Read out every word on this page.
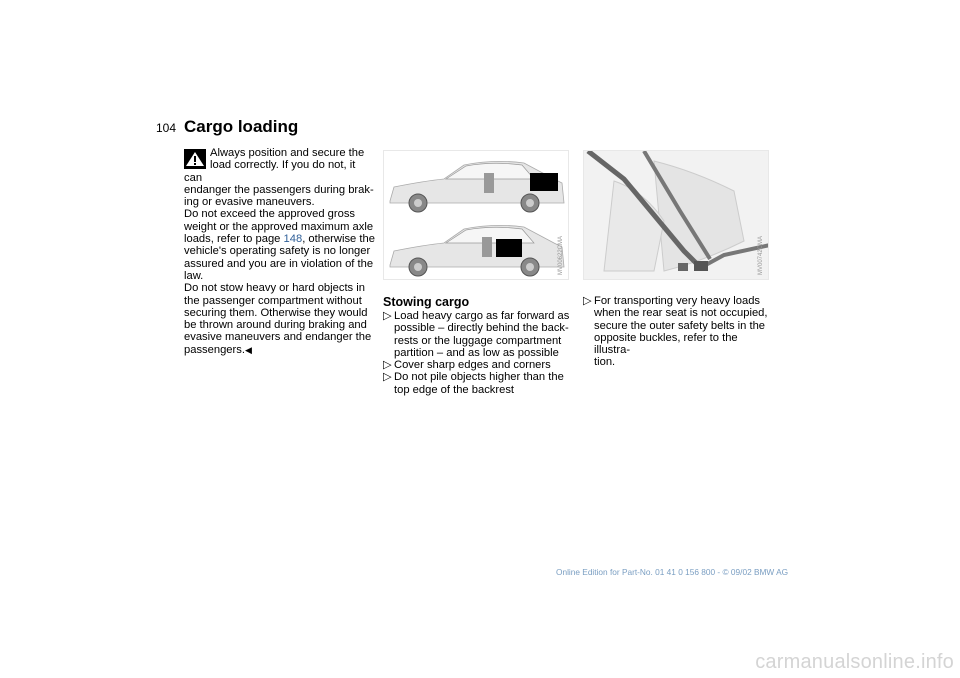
104 Cargo loading
Always position and secure the
load correctly. If you do not, it can
endanger the passengers during brak-
ing or evasive maneuvers.
Do not exceed the approved gross
weight or the approved maximum axle
loads, refer to page 148, otherwise the
vehicle's operating safety is no longer
assured and you are in violation of the
law.
Do not stow heavy or hard objects in
the passenger compartment without
securing them. Otherwise they would
be thrown around during braking and
evasive maneuvers and endanger the
passengers.◀
MV00622CMA	MV00742CMA
Stowing cargo
▷ Load heavy cargo as far forward as
possible – directly behind the back-
rests or the luggage compartment
partition – and as low as possible
▷ Cover sharp edges and corners
▷ Do not pile objects higher than the
top edge of the backrest
▷ For transporting very heavy loads
when the rear seat is not occupied,
secure the outer safety belts in the
opposite buckles, refer to the illustra-
tion.
Online Edition for Part-No. 01 41 0 156 800 - © 09/02 BMW AG
carmanualsonline.info
